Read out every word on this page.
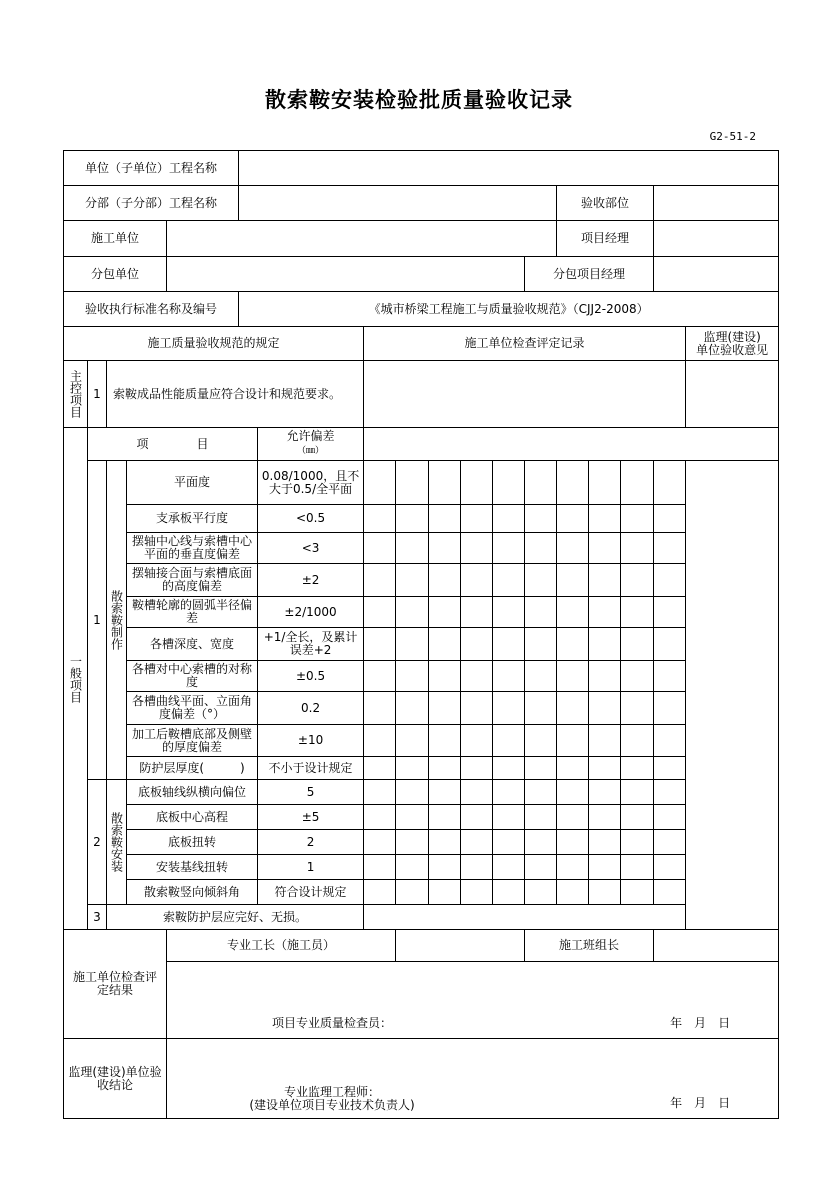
散索鞍安装检验批质量验收记录
G2-51-2
单位（子单位）工程名称																	
分部（子分部）工程名称													验收部位				
施工单位													项目经理				
分包单位												分包项目经理					
验收执行标准名称及编号					《城市桥梁工程施工与质量验收规范》（CJJ2-2008）												
施工质量验收规范的规定							施工单位检查评定记录										监理(建设)
单位验收意见

主控项目	1	索鞍成品性能质量应符合设计和规范要求。															

一般项目	项　　　　目					允许偏差
（㎜）											
	1	散索鞍制作	平面度			0.08/1000，且不大于0.5/全平面											
			支承板平行度			<0.5											
			摆轴中心线与索槽中心平面的垂直度偏差			<3											
			摆轴接合面与索槽底面的高度偏差			±2											
			鞍槽轮廓的圆弧半径偏差			±2/1000											
			各槽深度、宽度			+1/全长，及累计误差+2											
			各槽对中心索槽的对称度			±0.5											
			各槽曲线平面、立面角度偏差（°）			0.2											
			加工后鞍槽底部及侧壁的厚度偏差			±10											
			防护层厚度(　　　)			不小于设计规定											
	2	散索鞍安装	底板轴线纵横向偏位			5											
			底板中心高程			±5											
			底板扭转			2											
			安装基线扭转			1											
			散索鞍竖向倾斜角			符合设计规定											
	3	索鞍防护层应完好、无损。															
施工单位检查评定结果				专业工长（施工员）								施工班组长					

				项目专业质量检查员： 年　月　日													

监理(建设)单位验收结论				专业监理工程师：
(建设单位项目专业技术负责人) 年　月　日													
